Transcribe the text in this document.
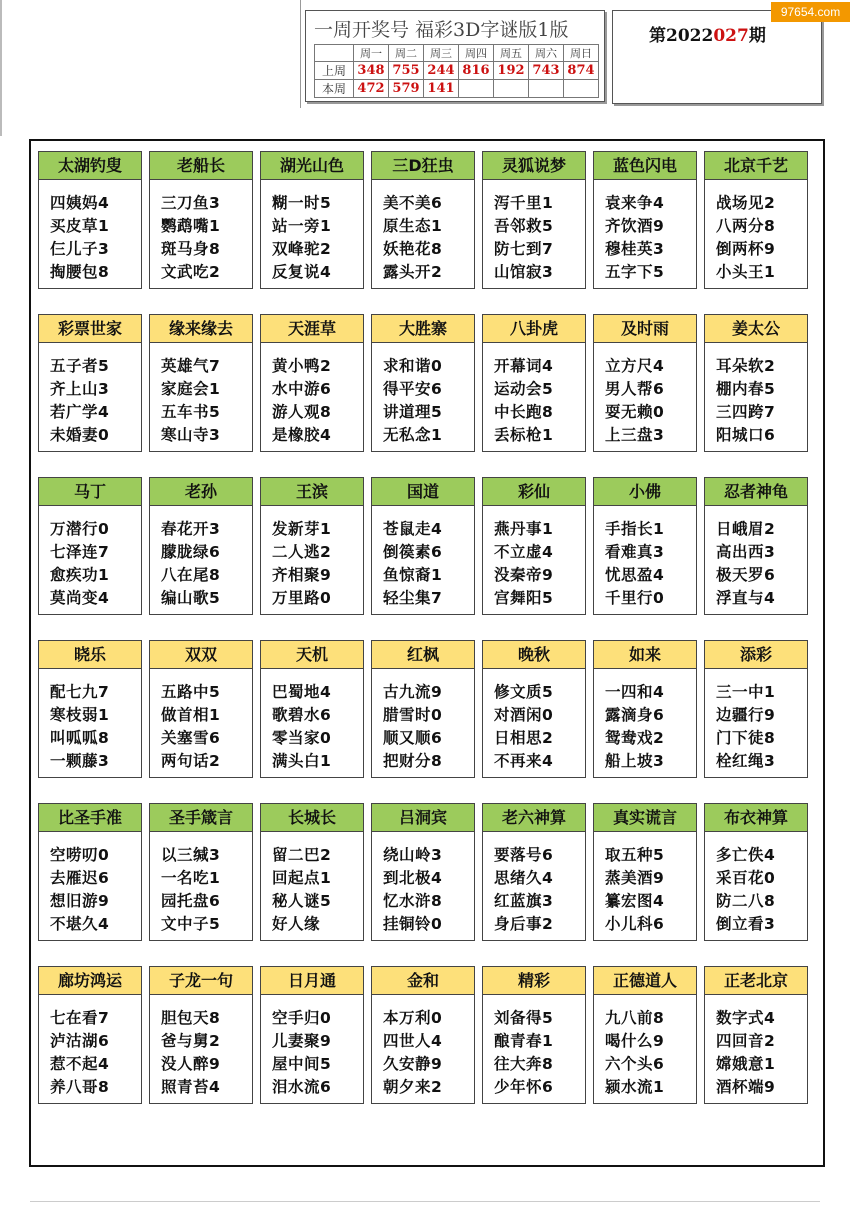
一周开奖号 福彩3D字谜版1版
	周一	周二	周三	周四	周五	周六	周日
上周	348	755	244	816	192	743	874
本周	472	579	141				
第2022027期
97654.com
太湖钓叟
四姨妈4
买皮草1
仨儿子3
掏腰包8
老船长
三刀鱼3
鹦鹉嘴1
斑马身8
文武吃2
湖光山色
糊一时5
站一旁1
双峰驼2
反复说4
三D狂虫
美不美6
原生态1
妖艳花8
露头开2
灵狐说梦
泻千里1
吾邻救5
防七到7
山馆寂3
蓝色闪电
袁来争4
齐饮酒9
穆桂英3
五字下5
北京千艺
战场见2
八两分8
倒两杯9
小头王1
彩票世家
五子者5
齐上山3
若广学4
未婚妻0
缘来缘去
英雄气7
家庭会1
五车书5
寒山寺3
天涯草
黄小鸭2
水中游6
游人观8
是橡胶4
大胜寨
求和谐0
得平安6
讲道理5
无私念1
八卦虎
开幕词4
运动会5
中长跑8
丢标枪1
及时雨
立方尺4
男人帮6
耍无赖0
上三盘3
姜太公
耳朵软2
棚内春5
三四跨7
阳城口6
马丁
万潜行0
七泽连7
愈疾功1
莫尚变4
老孙
春花开3
朦胧绿6
八在尾8
编山歌5
王滨
发新芽1
二人逃2
齐相聚9
万里路0
国道
苍鼠走4
倒篌素6
鱼惊裔1
轻尘集7
彩仙
燕丹事1
不立虚4
没秦帝9
宫舞阳5
小佛
手指长1
看难真3
忧思盈4
千里行0
忍者神龟
日峨眉2
高出西3
极天罗6
浮直与4
晓乐
配七九7
寒枝弱1
叫呱呱8
一颗藤3
双双
五路中5
做首相1
关塞雪6
两句话2
天机
巴蜀地4
歌碧水6
零当家0
满头白1
红枫
古九流9
腊雪时0
顺又顺6
把财分8
晚秋
修文质5
对酒闲0
日相思2
不再来4
如来
一四和4
露滴身6
鸳鸯戏2
船上坡3
添彩
三一中1
边疆行9
门下徒8
栓红绳3
比圣手准
空唠叨0
去雁迟6
想旧游9
不堪久4
圣手箴言
以三缄3
一名吃1
园托盘6
文中子5
长城长
留二巴2
回起点1
秘人谜5
好人缘
吕洞宾
绕山岭3
到北极4
忆水浒8
挂铜铃0
老六神算
要落号6
思绪久4
红蓝旗3
身后事2
真实谎言
取五种5
蒸美酒9
纂宏图4
小儿科6
布衣神算
多亡佚4
采百花0
防二八8
倒立看3
廊坊鸿运
七在看7
泸沽湖6
惹不起4
养八哥8
子龙一句
胆包天8
爸与舅2
没人醉9
照青苔4
日月通
空手归0
儿妻聚9
屋中间5
泪水流6
金和
本万利0
四世人4
久安静9
朝夕来2
精彩
刘备得5
酿青春1
往大奔8
少年怀6
正德道人
九八前8
喝什么9
六个头6
颍水流1
正老北京
数字式4
四回音2
嫦娥意1
酒杯端9
